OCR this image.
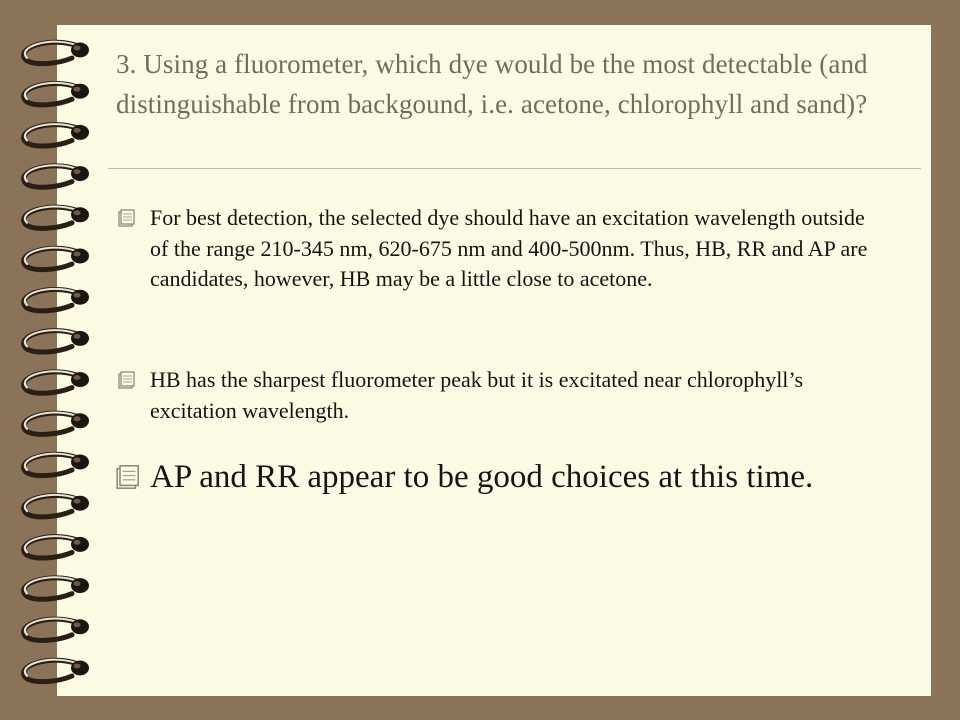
3. Using a fluorometer, which dye would be the most detectable (and distinguishable from backgound, i.e. acetone, chlorophyll and sand)?

For best detection, the selected dye should have an excitation wavelength outside of the range 210-345 nm, 620-675 nm and 400-500nm. Thus, HB, RR and AP are candidates, however, HB may be a little close to acetone.

HB has the sharpest fluorometer peak but it is excitated near chlorophyll’s excitation wavelength.

AP and RR appear to be good choices at this time.
